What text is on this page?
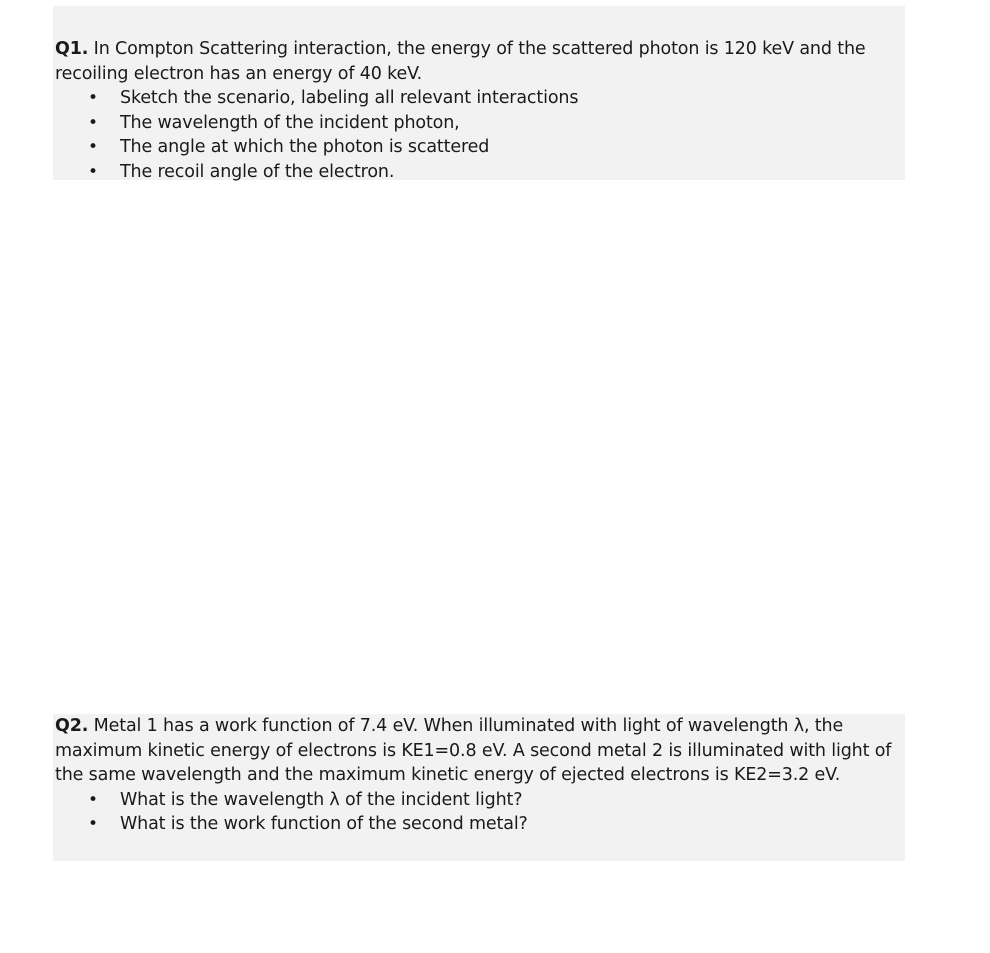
Q1. In Compton Scattering interaction, the energy of the scattered photon is 120 keV and the recoiling electron has an energy of 40 keV.

• Sketch the scenario, labeling all relevant interactions
• The wavelength of the incident photon,
• The angle at which the photon is scattered
• The recoil angle of the electron.

Q2. Metal 1 has a work function of 7.4 eV. When illuminated with light of wavelength λ, the maximum kinetic energy of electrons is KE1=0.8 eV. A second metal 2 is illuminated with light of the same wavelength and the maximum kinetic energy of ejected electrons is KE2=3.2 eV.

• What is the wavelength λ of the incident light?
• What is the work function of the second metal?
